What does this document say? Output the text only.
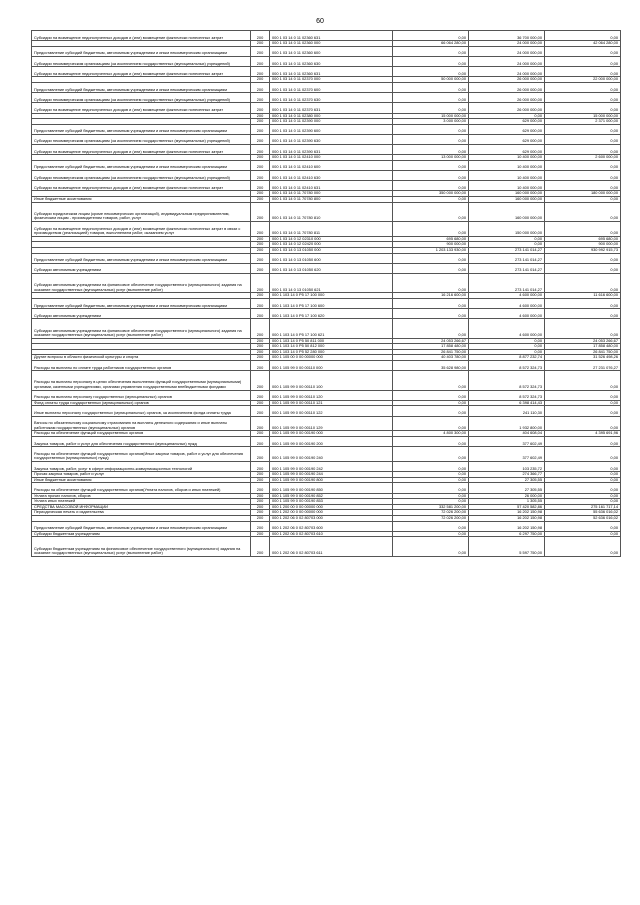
60
Субсидии на возмещение недополученных доходов и (или) возмещение фактически понесенных затрат	200	000 1 03 14 0 11 02360 631	0,00	36 700 000,00	0,00
	200	000 1 03 14 0 11 02360 000	66 064 280,00	24 000 000,00	42 064 280,00
Предоставление субсидий бюджетным, автономным учреждениям и иным некоммерческим организациям	200	000 1 03 14 0 11 02360 600	0,00	24 000 000,00	0,00
Субсидии некоммерческим организациям (за исключением государственных (муниципальных) учреждений)	200	000 1 03 14 0 11 02360 630	0,00	24 000 000,00	0,00
Субсидии на возмещение недополученных доходов и (или) возмещение фактически понесенных затрат	200	000 1 03 14 0 11 02360 631	0,00	24 000 000,00	0,00
	200	000 1 03 14 0 11 02370 000	50 000 000,00	26 000 000,00	22 000 000,00
Предоставление субсидий бюджетным, автономным учреждениям и иным некоммерческим организациям	200	000 1 03 14 0 11 02370 600	0,00	26 000 000,00	0,00
Субсидии некоммерческим организациям (за исключением государственных (муниципальных) учреждений)	200	000 1 03 14 0 11 02370 630	0,00	26 000 000,00	0,00
Субсидии на возмещение недополученных доходов и (или) возмещение фактически понесенных затрат	200	000 1 03 14 0 11 02370 631	0,00	26 000 000,00	0,00
	200	000 1 03 14 0 11 02380 000	15 000 000,00	0,00	15 000 000,00
	200	000 1 03 14 0 11 02390 000	3 000 000,00	629 000,00	2 371 000,00
Предоставление субсидий бюджетным, автономным учреждениям и иным некоммерческим организациям	200	000 1 03 14 0 11 02390 600	0,00	629 000,00	0,00
Субсидии некоммерческим организациям (за исключением государственных (муниципальных) учреждений)	200	000 1 03 14 0 11 02390 630	0,00	629 000,00	0,00
Субсидии на возмещение недополученных доходов и (или) возмещение фактически понесенных затрат	200	000 1 03 14 0 11 02390 631	0,00	629 000,00	0,00
	200	000 1 03 14 0 11 02410 000	13 000 000,00	10 400 000,00	2 600 000,00
Предоставление субсидий бюджетным, автономным учреждениям и иным некоммерческим организациям	200	000 1 03 14 0 11 02410 600	0,00	10 400 000,00	0,00
Субсидии некоммерческим организациям (за исключением государственных (муниципальных) учреждений)	200	000 1 03 14 0 11 02410 630	0,00	10 400 000,00	0,00
Субсидии на возмещение недополученных доходов и (или) возмещение фактически понесенных затрат	200	000 1 03 14 0 11 02410 631	0,00	10 400 000,00	0,00
	200	000 1 03 14 0 11 70780 000	350 000 000,00	160 000 000,00	180 000 000,00
Иные бюджетные ассигнования	200	000 1 03 14 0 11 70780 800	0,00	160 000 000,00	0,00
Субсидии юридическим лицам (кроме некоммерческих организаций), индивидуальным предпринимателям, физическим лицам - производителям товаров, работ, услуг	200	000 1 03 14 0 11 70780 810	0,00	160 000 000,00	0,00
Субсидии на возмещение недополученных доходов и (или) возмещение фактически понесенных затрат в связи с производством (реализацией) товаров, выполнением работ, оказанием услуг	200	000 1 03 14 0 11 70780 811	0,00	150 000 000,00	0,00
	200	000 1 03 14 0 12 02310 000	695 680,00	0,00	695 680,00
	200	000 1 03 14 0 12 02420 000	900 000,00	0,00	900 000,00
	200	000 1 03 14 0 13 01050 000	1 203 133 930,00	273 141 014,27	930 992 915,73
Предоставление субсидий бюджетным, автономным учреждениям и иным некоммерческим организациям	200	000 1 03 14 0 13 01050 600	0,00	273 141 014,27	0,00
Субсидии автономным учреждениям	200	000 1 03 14 0 13 01050 620	0,00	273 141 014,27	0,00
Субсидии автономным учреждениям на финансовое обеспечение государственного (муниципального) задания на оказание государственных (муниципальных) услуг (выполнение работ)	200	000 1 03 14 0 13 01050 621	0,00	273 141 014,27	0,00
	200	000 1 103 14 0 P5 17 100 000	16 216 600,00	4 600 000,00	11 616 600,00
Предоставление субсидий бюджетным, автономным учреждениям и иным некоммерческим организациям	200	000 1 103 14 0 P5 17 100 600	0,00	4 600 000,00	0,00
Субсидии автономным учреждениям	200	000 1 103 14 0 P5 17 100 620	0,00	4 600 000,00	0,00
Субсидии автономным учреждениям на финансовое обеспечение государственного (муниципального) задания на оказание государственных (муниципальных) услуг (выполнение работ)	200	000 1 103 14 0 P5 17 100 621	0,00	4 600 000,00	0,00
	200	000 1 103 14 0 P5 50 811 000	24 053 266,67	0,00	24 053 266,67
	200	000 1 103 14 0 P5 50 812 000	17 858 480,00	0,00	17 858 480,00
	200	000 1 103 14 0 P5 52 280 000	26 841 750,00	0,00	26 841 750,00
Другие вопросы в области физической культуры и спорта	200	000 1 105 00 0 00 00000 000	40 403 780,00	8 877 232,74	31 526 498,26
Расходы на выплаты по оплате труда работников государственных органов	200	000 1 105 99 0 00 00110 000	35 628 980,00	8 572 324,73	27 231 076,27
Расходы на выплаты персоналу в целях обеспечения выполнения функций государственными (муниципальными) органами, казенными учреждениями, органами управления государственными внебюджетными фондами	200	000 1 105 99 0 00 00110 100	0,00	8 572 324,73	0,00
Расходы на выплаты персоналу государственных (муниципальных) органов	200	000 1 105 99 0 00 00110 120	0,00	8 572 324,73	0,00
Фонд оплаты труда государственных (муниципальных) органов	200	000 1 105 99 0 00 00110 121	0,00	6 398 414,43	0,00
Иные выплаты персоналу государственных (муниципальных) органов, за исключением фонда оплаты труда	200	000 1 105 99 0 00 00110 122	0,00	241 110,30	0,00
Взносы по обязательному социальному страхованию на выплаты денежного содержания и иные выплаты работникам государственных (муниципальных) органов	200	000 1 105 99 0 00 00110 129	0,00	1 932 800,00	0,00
Расходы на обеспечение функций государственных органов	200	000 1 105 99 0 00 00190 000	4 800 300,00	404 608,04	4 395 691,96
Закупка товаров, работ и услуг для обеспечения государственных (муниципальных) нужд	200	000 1 105 99 0 00 00190 200	0,00	377 602,49	0,00
Расходы на обеспечение функций государственных органов(Иные закупки товаров, работ и услуг для обеспечения государственных (муниципальных) нужд)	200	000 1 105 99 0 00 00190 240	0,00	377 602,49	0,00
Закупка товаров, работ, услуг в сфере информационно-коммуникационных технологий	200	000 1 105 99 0 00 00190 242	0,00	103 235,72	0,00
Прочая закупка товаров, работ и услуг	200	000 1 105 99 0 00 00190 244	0,00	274 366,77	0,00
Иные бюджетные ассигнования	200	000 1 105 99 0 00 00190 800	0,00	27 305,55	0,00
Расходы на обеспечение функций государственных органов(Уплата налогов, сборов и иных платежей)	200	000 1 105 99 0 00 00190 850	0,00	27 305,55	0,00
Уплата прочих налогов, сборов	200	000 1 105 99 0 00 00190 852	0,00	26 000,00	0,00
Уплата иных платежей	200	000 1 105 99 0 00 00190 853	0,00	1 305,55	0,00
СРЕДСТВА МАССОВОЙ ИНФОРМАЦИИ	200	000 1 200 00 0 00 00000 000	332 581 200,00	57 420 582,86	275 161 717,14
Периодическая печать и издательства	200	000 1 202 00 0 00 00000 000	72 026 200,00	16 202 150,98	55 636 016,02
	200	000 1 202 06 0 02 80703 000	72 026 200,00	16 202 150,98	52 636 016,02
Предоставление субсидий бюджетным, автономным учреждениям и иным некоммерческим организациям	200	000 1 202 06 0 02 80703 600	0,00	16 202 150,98	0,00
Субсидии бюджетным учреждениям	200	000 1 202 06 0 02 80703 610	0,00	6 297 750,00	0,00
Субсидии бюджетным учреждениям на финансовое обеспечение государственного (муниципального) задания на оказание государственных (муниципальных) услуг (выполнение работ)	200	000 1 202 06 0 02 80703 611	0,00	5 597 750,00	0,00
